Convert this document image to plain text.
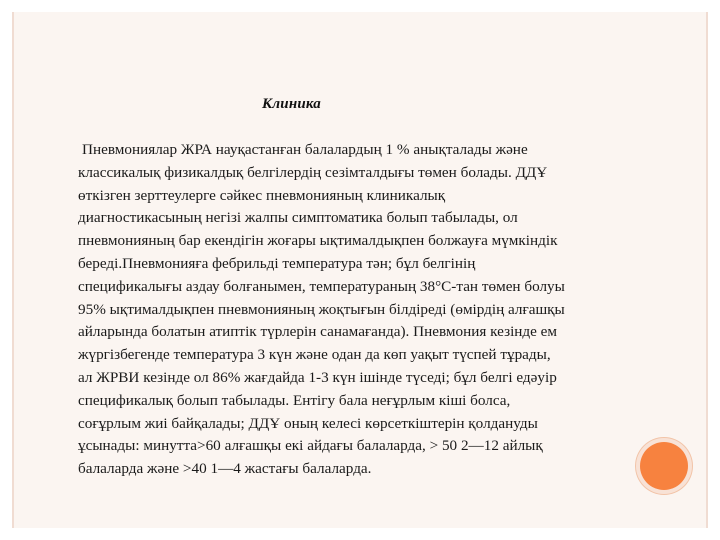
Клиника
Пневмониялар ЖРА науқастанған балалардың 1 % анықталады және
классикалық физикалдық белгілердің сезімталдығы төмен болады. ДДҰ
өткізген зерттеулерге сәйкес пневмонияның клиникалық
диагностикасының негізі жалпы симптоматика болып табылады, ол
пневмонияның бар екендігін жоғары ықтималдықпен болжауға мүмкіндік
береді.Пневмонияға фебрильді температура тән; бұл белгінің
спецификалығы аздау болғанымен, температураның 38°С-тан төмен болуы
95% ықтималдықпен пневмонияның жоқтығын білдіреді (өмірдің алғашқы
айларында болатын атиптік түрлерін санамағанда). Пневмония кезінде ем
жүргізбегенде температура 3 күн және одан да көп уақыт түспей тұрады,
ал ЖРВИ кезінде ол 86% жағдайда 1-3 күн ішінде түседі; бұл белгі едәуір
спецификалық болып табылады. Ентігу бала неғұрлым кіші болса,
соғұрлым жиі байқалады; ДДҰ оның келесі көрсеткіштерін қолдануды
ұсынады: минутта>60 алғашқы екі айдағы балаларда, > 50 2—12 айлық
балаларда және >40 1—4 жастағы балаларда.
